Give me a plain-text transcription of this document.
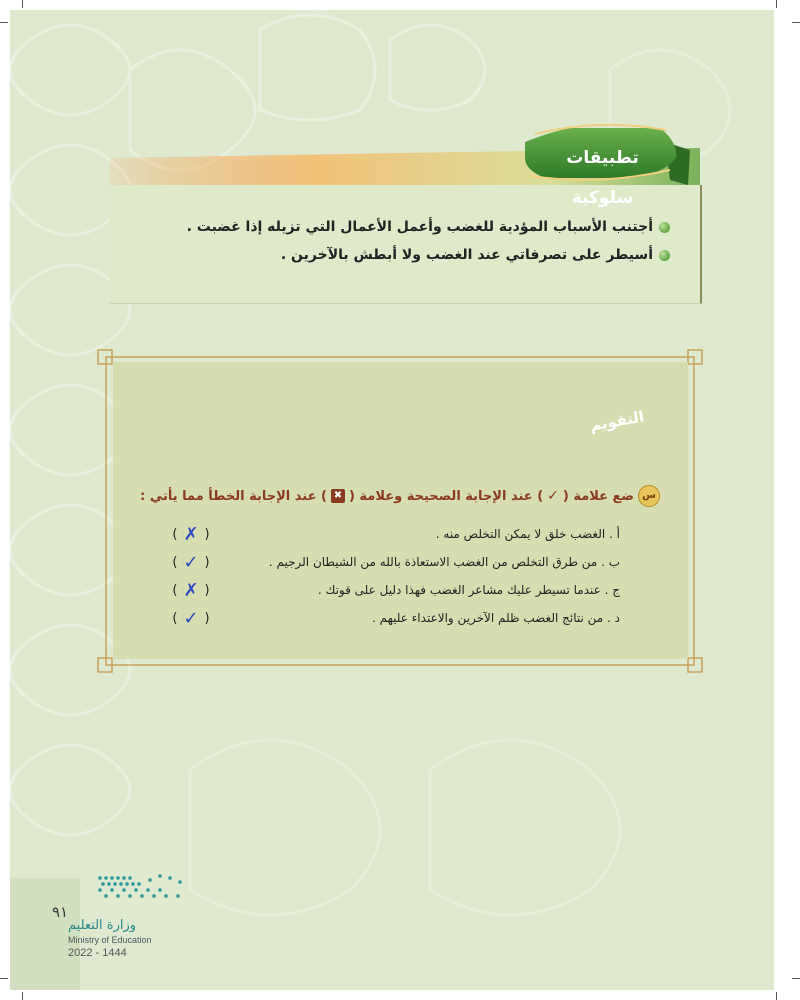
تطبيقات سلوكية
أجتنب الأسباب المؤدية للغضب وأعمل الأعمال التي تزيله إذا غضبت .
أسيطر على تصرفاتي عند الغضب ولا أبطش بالآخرين .
التقويم
س
ضع علامة (
✓
) عند الإجابة الصحيحة وعلامة (
✖
) عند الإجابة الخطأ مما يأتي :
أ . الغضب خلق لا يمكن التخلص منه .
( ✗ )
ب . من طرق التخلص من الغضب الاستعاذة بالله من الشيطان الرجيم .
( ✓ )
ج . عندما تسيطر عليك مشاعر الغضب فهذا دليل على قوتك .
( ✗ )
د . من نتائج الغضب ظلم الآخرين والاعتداء عليهم .
( ✓ )
٩١
وزارة التعليم
Ministry of Education
2022 - 1444
